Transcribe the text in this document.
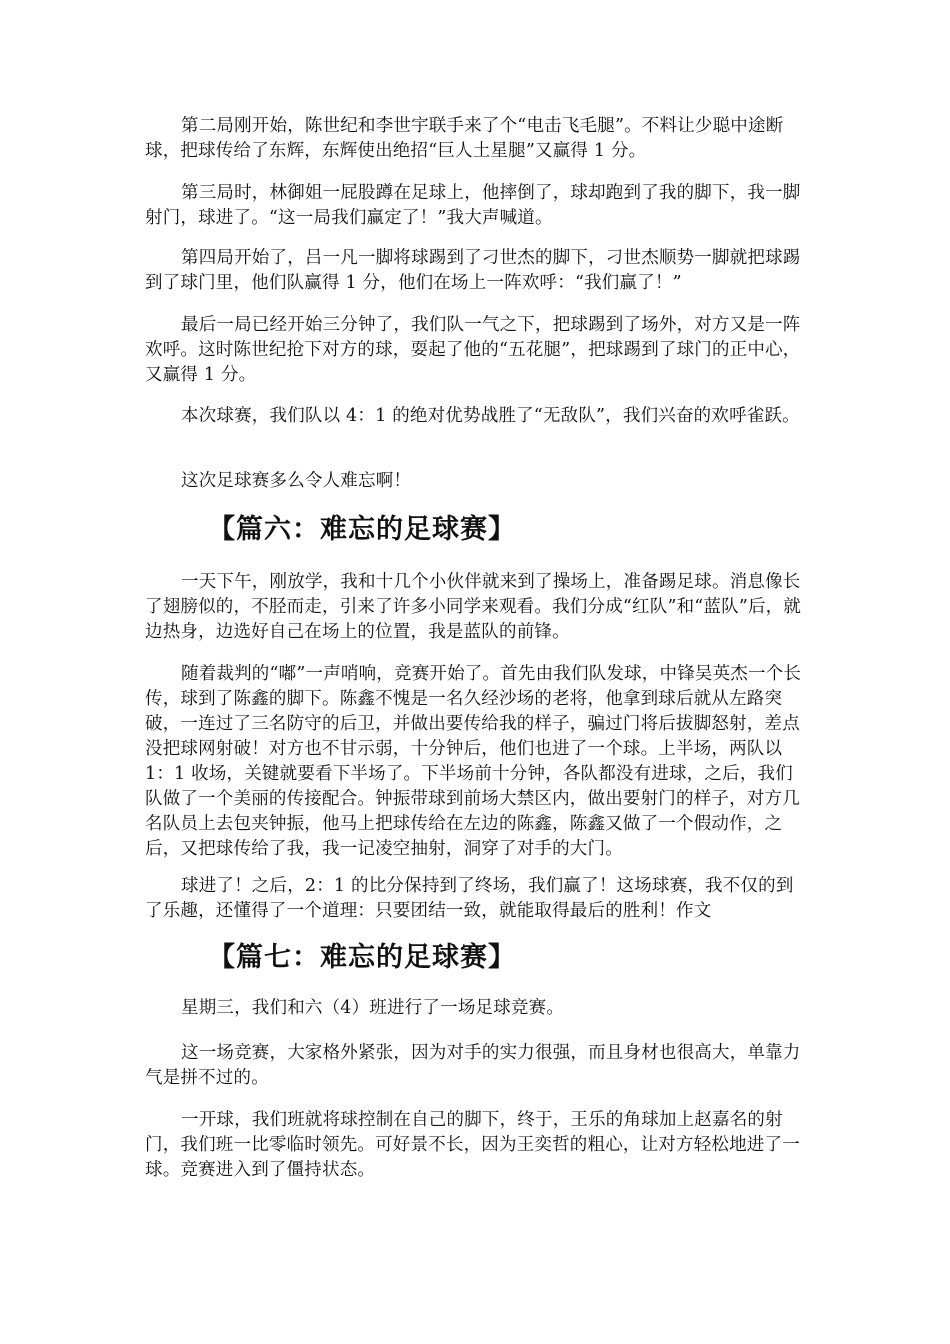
第二局刚开始，陈世纪和李世宇联手来了个“电击飞毛腿”。不料让少聪中途断球，把球传给了东辉，东辉使出绝招“巨人土星腿”又赢得 1 分。

第三局时，林御姐一屁股蹲在足球上，他摔倒了，球却跑到了我的脚下，我一脚射门，球进了。“这一局我们赢定了！”我大声喊道。

第四局开始了，吕一凡一脚将球踢到了刁世杰的脚下，刁世杰顺势一脚就把球踢到了球门里，他们队赢得 1 分，他们在场上一阵欢呼：“我们赢了！”

最后一局已经开始三分钟了，我们队一气之下，把球踢到了场外，对方又是一阵欢呼。这时陈世纪抢下对方的球，耍起了他的“五花腿”，把球踢到了球门的正中心，又赢得 1 分。

本次球赛，我们队以 4：1 的绝对优势战胜了“无敌队”，我们兴奋的欢呼雀跃。

这次足球赛多么令人难忘啊！

【篇六：难忘的足球赛】

一天下午，刚放学，我和十几个小伙伴就来到了操场上，准备踢足球。消息像长了翅膀似的，不胫而走，引来了许多小同学来观看。我们分成“红队”和“蓝队”后，就边热身，边选好自己在场上的位置，我是蓝队的前锋。

随着裁判的“嘟”一声哨响，竞赛开始了。首先由我们队发球，中锋吴英杰一个长传，球到了陈鑫的脚下。陈鑫不愧是一名久经沙场的老将，他拿到球后就从左路突破，一连过了三名防守的后卫，并做出要传给我的样子，骗过门将后拔脚怒射，差点没把球网射破！对方也不甘示弱，十分钟后，他们也进了一个球。上半场，两队以 1：1 收场，关键就要看下半场了。下半场前十分钟，各队都没有进球，之后，我们队做了一个美丽的传接配合。钟振带球到前场大禁区内，做出要射门的样子，对方几名队员上去包夹钟振，他马上把球传给在左边的陈鑫，陈鑫又做了一个假动作，之后，又把球传给了我，我一记凌空抽射，洞穿了对手的大门。

球进了！之后，2：1 的比分保持到了终场，我们赢了！这场球赛，我不仅的到了乐趣，还懂得了一个道理：只要团结一致，就能取得最后的胜利！作文

【篇七：难忘的足球赛】

星期三，我们和六（4）班进行了一场足球竞赛。

这一场竞赛，大家格外紧张，因为对手的实力很强，而且身材也很高大，单靠力气是拼不过的。

一开球，我们班就将球控制在自己的脚下，终于，王乐的角球加上赵嘉名的射门，我们班一比零临时领先。可好景不长，因为王奕哲的粗心，让对方轻松地进了一球。竞赛进入到了僵持状态。
